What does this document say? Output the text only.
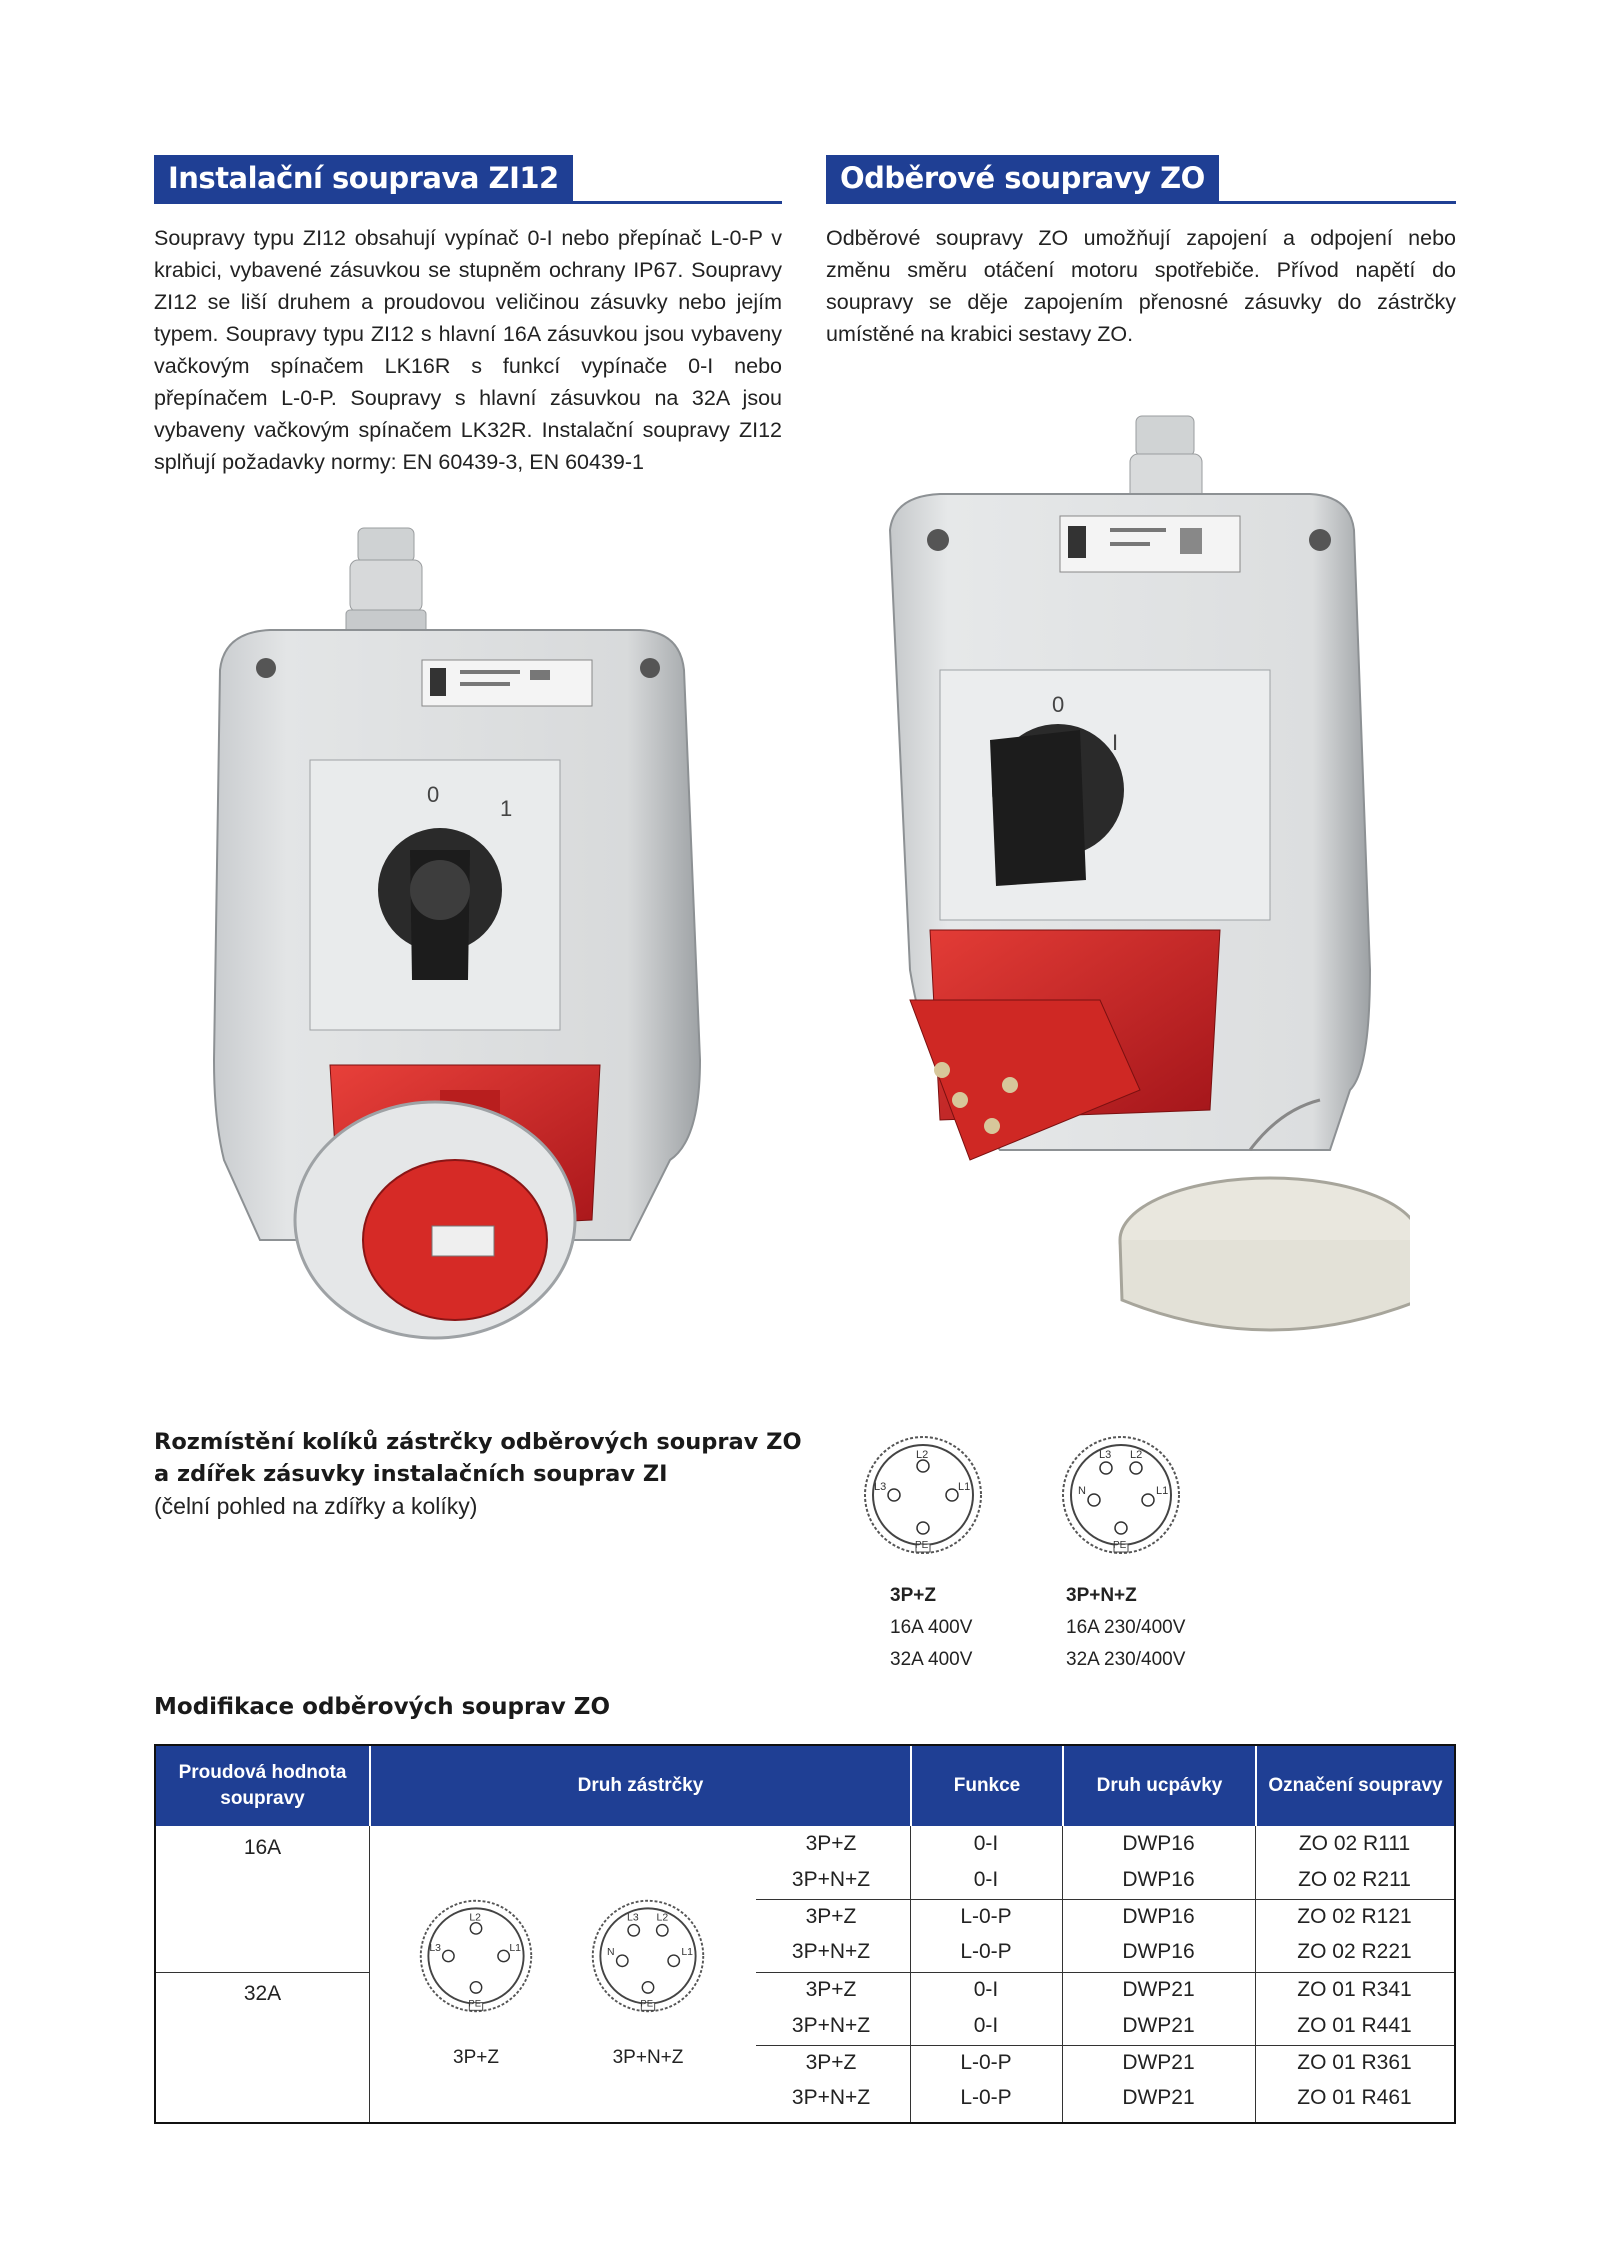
Instalační souprava ZI12	Odběrové soupravy ZO
Soupravy typu ZI12 obsahují vypínač 0-I nebo přepínač L-0-P v krabici, vybavené zásuvkou se stupněm ochrany IP67. Soupravy ZI12 se liší druhem a proudovou veličinou zásuvky nebo jejím typem. Soupravy typu ZI12 s hlavní 16A zásuvkou jsou vybaveny vačkovým spínačem LK16R s funkcí vypínače 0-I nebo přepínačem L-0-P. Soupravy s hlavní zásuvkou na 32A jsou vybaveny vačkovým spínačem LK32R. Instalační soupravy ZI12 splňují požadavky normy: EN 60439-3, EN 60439-1
Odběrové soupravy ZO umožňují zapojení a odpojení nebo změnu směru otáčení motoru spotřebiče. Přívod napětí do soupravy se děje zapojením přenosné zásuvky do zástrčky umístěné na krabici sestavy ZO.
0
1
0
I
Rozmístění kolíků zástrčky odběrových souprav ZO
a zdířek zásuvky instalačních souprav ZI
(čelní pohled na zdířky a kolíky)
L2
L3	L1
PE
L3 L2
N	L1
PE
3P+Z
16A 400V
32A 400V
3P+N+Z
16A 230/400V
32A 230/400V
Modifikace odběrových souprav ZO
Proudová hodnota soupravy
Druh zástrčky	Funkce	Druh ucpávky	Označení soupravy
16A
32A
L2
L3	L1
PE
L3 L2
N	L1
PE
3P+Z	3P+N+Z
3P+Z	0-I	DWP16	ZO 02 R111
3P+N+Z	0-I	DWP16	ZO 02 R211
3P+Z	L-0-P	DWP16	ZO 02 R121
3P+N+Z	L-0-P	DWP16	ZO 02 R221
3P+Z	0-I	DWP21	ZO 01 R341
3P+N+Z	0-I	DWP21	ZO 01 R441
3P+Z	L-0-P	DWP21	ZO 01 R361
3P+N+Z	L-0-P	DWP21	ZO 01 R461
